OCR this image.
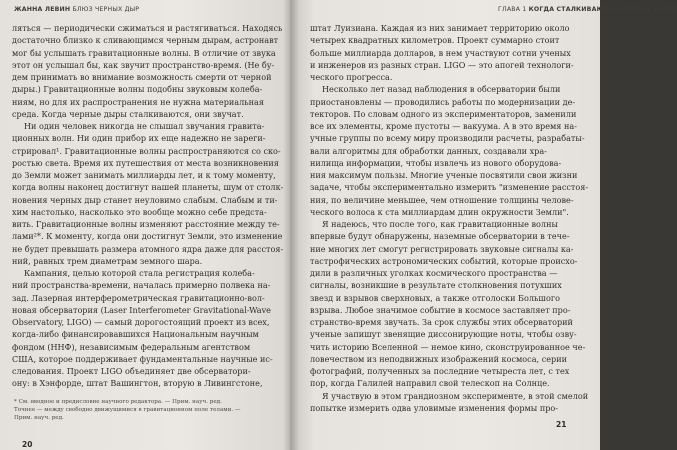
ЖАННА ЛЕВИН БЛЮЗ ЧЕРНЫХ ДЫР
ляться — периодически сжиматься и растягиваться. Находясь
достаточно близко к сливающимся черным дырам, астронавт
мог бы услышать гравитационные волны. В отличие от звука
этот он услышал бы, как звучит пространство-время. (Не бу-
дем принимать во внимание возможность смерти от черной
дыры.) Гравитационные волны подобны звуковым колеба-
ниям, но для их распространения не нужна материальная
среда. Когда черные дыры сталкиваются, они звучат.
Ни один человек никогда не слышал звучания гравита-
ционных волн. Ни один прибор их еще надежно не зареги-
стрировал¹. Гравитационные волны распространяются со ско-
ростью света. Время их путешествия от места возникновения
до Земли может занимать миллиарды лет, и к тому моменту,
когда волны наконец достигнут нашей планеты, шум от столк-
новения черных дыр станет неуловимо слабым. Слабым и ти-
хим настолько, насколько это вообще можно себе предста-
вить. Гравитационные волны изменяют расстояние между те-
лами²*. К моменту, когда они достигнут Земли, это изменение
не будет превышать размера атомного ядра даже для расстоя-
ний, равных трем диаметрам земного шара.
Кампания, целью которой стала регистрация колеба-
ний пространства-времени, началась примерно полвека на-
зад. Лазерная интерферометрическая гравитационно-вол-
новая обсерватория (Laser Interferometer Gravitational-Wave
Observatory, LIGO) — самый дорогостоящий проект из всех,
когда-либо финансировавшихся Национальным научным
фондом (ННФ), независимым федеральным агентством
США, которое поддерживает фундаментальные научные ис-
следования. Проект LIGO объединяет две обсерватори-
ону: в Хэнфорде, штат Вашингтон, вторую в Ливингстоне,
* См. вводное и предисловие научного редактора. — Прим. науч. ред.
Точнее — между свободно движущимися в гравитационном поле телами. —
Прим. науч. ред.
20
ГЛАВА 1 КОГДА СТАЛКИВАЮТСЯ ЧЕРНЫЕ ДЫРЫ
штат Луизиана. Каждая из них занимает территорию около
четырех квадратных километров. Проект суммарно стоит
больше миллиарда долларов, в нем участвуют сотни ученых
и инженеров из разных стран. LIGO — это апогей технологи-
ческого прогресса.
Несколько лет назад наблюдения в обсерватории были
приостановлены — проводились работы по модернизации де-
текторов. По словам одного из экспериментаторов, заменили
все их элементы, кроме пустоты — вакуума. А в это время на-
учные группы по всему миру производили расчеты, разрабаты-
вали алгоритмы для обработки данных, создавали хра-
нилища информации, чтобы извлечь из нового оборудова-
ния максимум пользы. Многие ученые посвятили свои жизни
задаче, чтобы экспериментально измерить "изменение расстоя-
ния, по величине меньшее, чем отношение толщины челове-
ческого волоса к ста миллиардам длин окружности Земли".
Я надеюсь, что после того, как гравитационные волны
впервые будут обнаружены, наземные обсерватории в тече-
ние многих лет смогут регистрировать звуковые сигналы ка-
тастрофических астрономических событий, которые происхо-
дили в различных уголках космического пространства —
сигналы, возникшие в результате столкновения потухших
звезд и взрывов сверхновых, а также отголоски Большого
взрыва. Любое значимое событие в космосе заставляет про-
странство-время звучать. За срок службы этих обсерваторий
ученые запишут звенящие диссонирующие ноты, чтобы озву-
чить историю Вселенной — немое кино, сконструированное че-
ловечеством из неподвижных изображений космоса, серии
фотографий, полученных за последние четыреста лет, с тех
пор, когда Галилей направил свой телескоп на Солнце.
Я участвую в этом грандиозном эксперименте, в этой смелой
попытке измерить одва уловимые изменения формы про-
21
